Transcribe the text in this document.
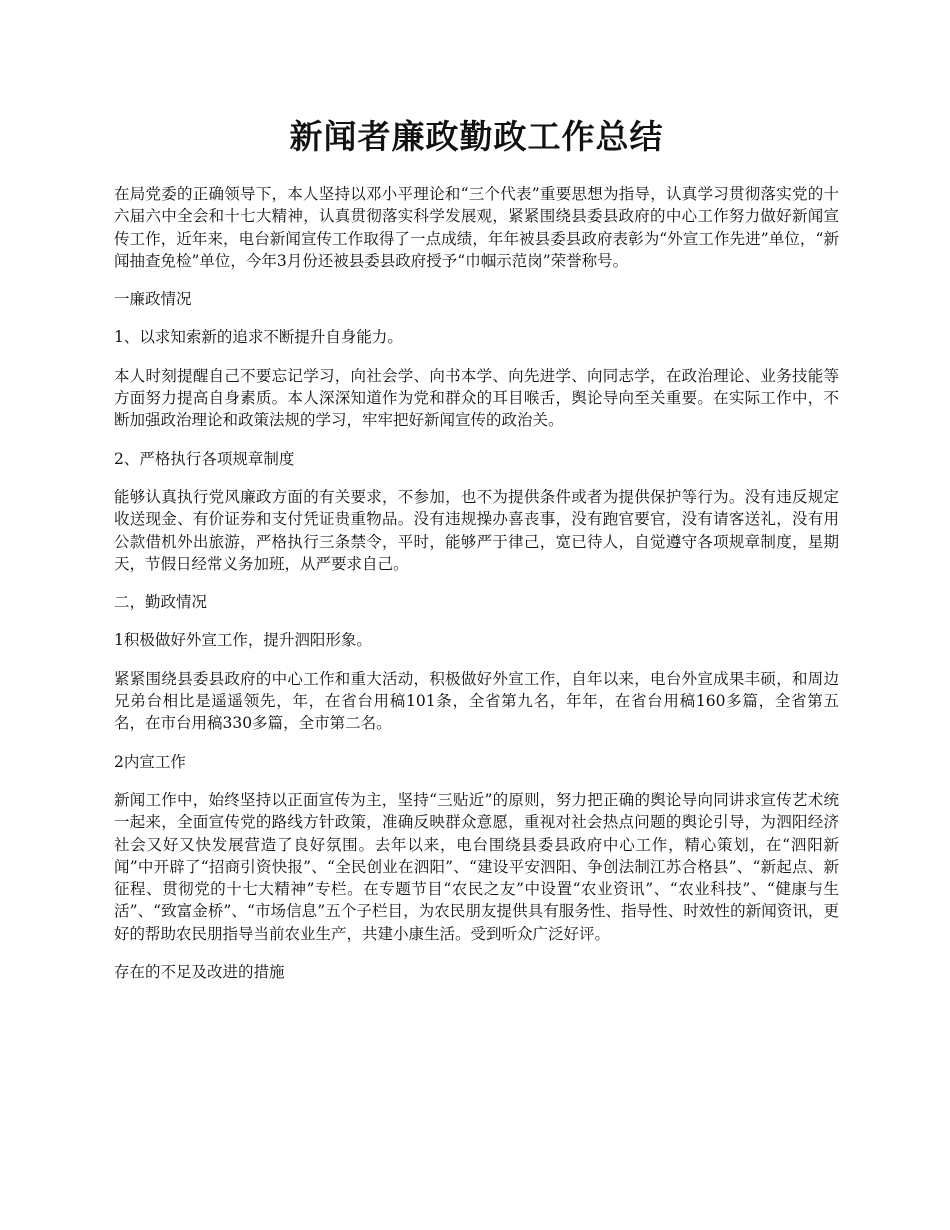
新闻者廉政勤政工作总结

在局党委的正确领导下，本人坚持以邓小平理论和“三个代表”重要思想为指导，认真学习贯彻落实党的十六届六中全会和十七大精神，认真贯彻落实科学发展观，紧紧围绕县委县政府的中心工作努力做好新闻宣传工作，近年来，电台新闻宣传工作取得了一点成绩，年年被县委县政府表彰为“外宣工作先进”单位，“新闻抽查免检”单位，今年3月份还被县委县政府授予“巾帼示范岗”荣誉称号。

一廉政情况

1、以求知索新的追求不断提升自身能力。

本人时刻提醒自己不要忘记学习，向社会学、向书本学、向先进学、向同志学，在政治理论、业务技能等方面努力提高自身素质。本人深深知道作为党和群众的耳目喉舌，舆论导向至关重要。在实际工作中，不断加强政治理论和政策法规的学习，牢牢把好新闻宣传的政治关。

2、严格执行各项规章制度

能够认真执行党风廉政方面的有关要求，不参加，也不为提供条件或者为提供保护等行为。没有违反规定收送现金、有价证券和支付凭证贵重物品。没有违规操办喜丧事，没有跑官要官，没有请客送礼，没有用公款借机外出旅游，严格执行三条禁令，平时，能够严于律己，宽已待人，自觉遵守各项规章制度，星期天，节假日经常义务加班，从严要求自己。

二，勤政情况

1积极做好外宣工作，提升泗阳形象。

紧紧围绕县委县政府的中心工作和重大活动，积极做好外宣工作，自年以来，电台外宣成果丰硕，和周边兄弟台相比是遥遥领先，年，在省台用稿101条，全省第九名，年年，在省台用稿160多篇，全省第五名，在市台用稿330多篇，全市第二名。

2内宣工作

新闻工作中，始终坚持以正面宣传为主，坚持“三贴近”的原则，努力把正确的舆论导向同讲求宣传艺术统一起来，全面宣传党的路线方针政策，准确反映群众意愿，重视对社会热点问题的舆论引导，为泗阳经济社会又好又快发展营造了良好氛围。去年以来，电台围绕县委县政府中心工作，精心策划，在“泗阳新闻”中开辟了“招商引资快报”、“全民创业在泗阳”、“建设平安泗阳、争创法制江苏合格县”、“新起点、新征程、贯彻党的十七大精神”专栏。在专题节目“农民之友”中设置“农业资讯”、“农业科技”、“健康与生活”、“致富金桥”、“市场信息”五个子栏目，为农民朋友提供具有服务性、指导性、时效性的新闻资讯，更好的帮助农民朋指导当前农业生产，共建小康生活。受到听众广泛好评。

存在的不足及改进的措施
